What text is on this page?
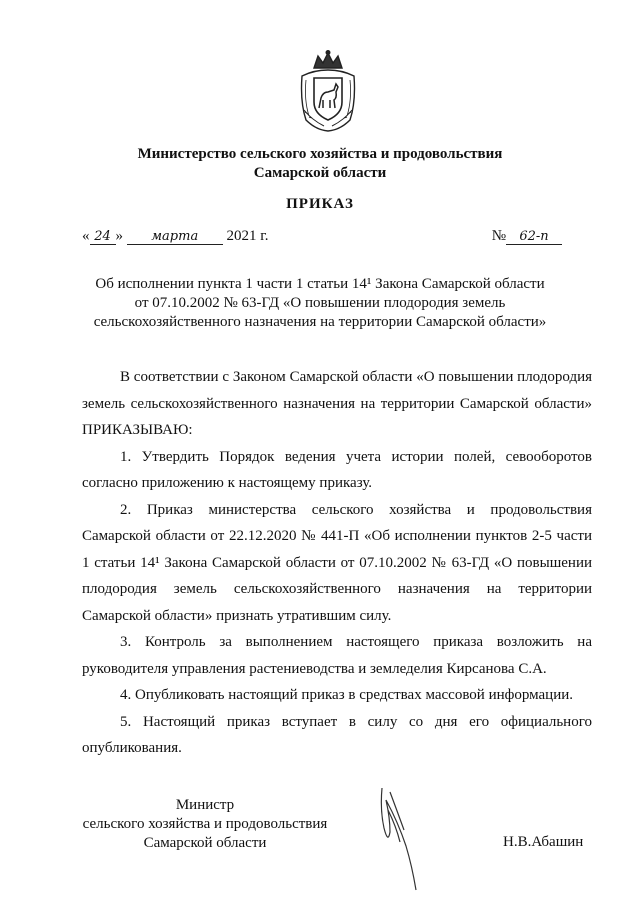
Министерство сельского хозяйства и продовольствия
Самарской области
ПРИКАЗ
« 24 » марта 2021 г.	№ 62-п
Об исполнении пункта 1 части 1 статьи 14¹ Закона Самарской области
от 07.10.2002 № 63-ГД «О повышении плодородия земель
сельскохозяйственного назначения на территории Самарской области»

В соответствии с Законом Самарской области «О повышении плодородия земель сельскохозяйственного назначения на территории Самарской области» ПРИКАЗЫВАЮ:

1. Утвердить Порядок ведения учета истории полей, севооборотов согласно приложению к настоящему приказу.

2. Приказ министерства сельского хозяйства и продовольствия Самарской области от 22.12.2020 № 441-П «Об исполнении пунктов 2-5 части 1 статьи 14¹ Закона Самарской области от 07.10.2002 № 63-ГД «О повышении плодородия земель сельскохозяйственного назначения на территории Самарской области» признать утратившим силу.

3. Контроль за выполнением настоящего приказа возложить на руководителя управления растениеводства и земледелия Кирсанова С.А.

4. Опубликовать настоящий приказ в средствах массовой информации.

5. Настоящий приказ вступает в силу со дня его официального опубликования.

Министр
сельского хозяйства и продовольствия
Самарской области	Н.В.Абашин
